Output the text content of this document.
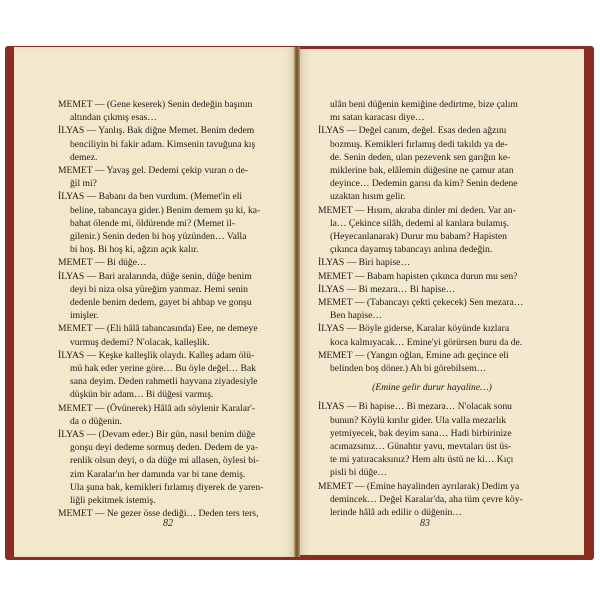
MEMET — (Gene keserek) Senin dedeğin başının
altından çıkmış esas…
İLYAS — Yanlış. Bak diğne Memet. Benim dedem
benciliyin bi fakir adam. Kimsenin tavuğuna kış
demez.
MEMET — Yavaş gel. Dedemi çekip vuran o de-
ğil mi?
İLYAS — Babanı da ben vurdum. (Memet'in eli
beline, tabancaya gider.) Benim demem şu ki, ka-
bahat ölende mi, öldürende mi? (Memet il-
gilenir.) Senin deden bi hoş yüzünden… Valla
bi hoş. Bi hoş ki, ağzın açık kalır.
MEMET — Bi düğe…
İLYAS — Bari aralarında, düğe senin, düğe benim
deyi bi niza olsa yüreğim yanmaz. Hemi senin
dedenle benim dedem, gayet bi ahbap ve gonşu
imişler.
MEMET — (Eli hâlâ tabancasında) Eee, ne demeye
vurmuş dedemi? N'olacak, kalleşlik.
İLYAS — Keşke kalleşlik olaydı. Kalleş adam ölü-
mü hak eder yerine göre… Bu öyle değel… Bak
sana deyim. Deden rahmetli hayvana ziyadesiyle
düşkün bir adam… Bi düğesi varmış.
MEMET — (Övünerek) Hâlâ adı söylenir Karalar'-
da o düğenin.
İLYAS — (Devam eder.) Bir gün, nasıl benim düğe
gonşu deyi dedeme sormuş deden. Dedem de ya-
renlik olsun deyi, o da düğe mi allasen, öylesi bi-
zim Karalar'ın her damında var bi tane demiş.
Ula şuna bak, kemikleri fırlamış diyerek de yaren-
liğli pekitmek istemiş.
MEMET — Ne gezer össe dediği… Deden ters ters,
ulân beni düğenin kemiğine dedirtme, bize çalım
mı satan karacası diye…
İLYAS — Değel canım, değel. Esas deden ağzını
bozmuş. Kemikleri fırlamış dedi takıldı ya de-
de. Senin deden, ulan pezevenk sen garığın ke-
miklerine bak, elâlemin düğesine ne çamur atan
deyince… Dedemin garısı da kim? Senin dedene
uzaktan hısım gelir.
MEMET — Hısım, akraba dinler mi deden. Var an-
la… Çekince silâh, dedemi al kanlara bulamış.
(Heyecanlanarak) Durur mu babam? Hapisten
çıkınca dayamış tabancayı anlına dedeğin.
İLYAS — Biri hapise…
MEMET — Babam hapisten çıkınca durun mu sen?
İLYAS — Bi mezara… Bi hapise…
MEMET — (Tabancayı çekti çekecek) Sen mezara…
Ben hapise…
İLYAS — Böyle giderse, Karalar köyünde kızlara
koca kalmıyacak… Emine'yi görürsen buru da de.
MEMET — (Yangın oğlan, Emine adı geçince eli
belinden boş döner.) Ah bi görebilsem…
(Emine gelir durur hayaline…)
İLYAS — Bi hapise… Bi mezara… N'olacak sonu
bunun? Köylü kırılır gider. Ula valla mezarlık
yetmiyecek, bak deyim sana… Hadi birbirinize
acımazsınız… Günahtır yavu, mevtaları üst üs-
te mi yatıracaksınız? Hem altı üstü ne ki… Kıçı
pisli bi düğe…
MEMET — (Emine hayalinden ayrılarak) Dedim ya
demincek… Değel Karalar'da, aha tüm çevre köy-
lerinde hâlâ adı edilir o düğenin…
82	83
